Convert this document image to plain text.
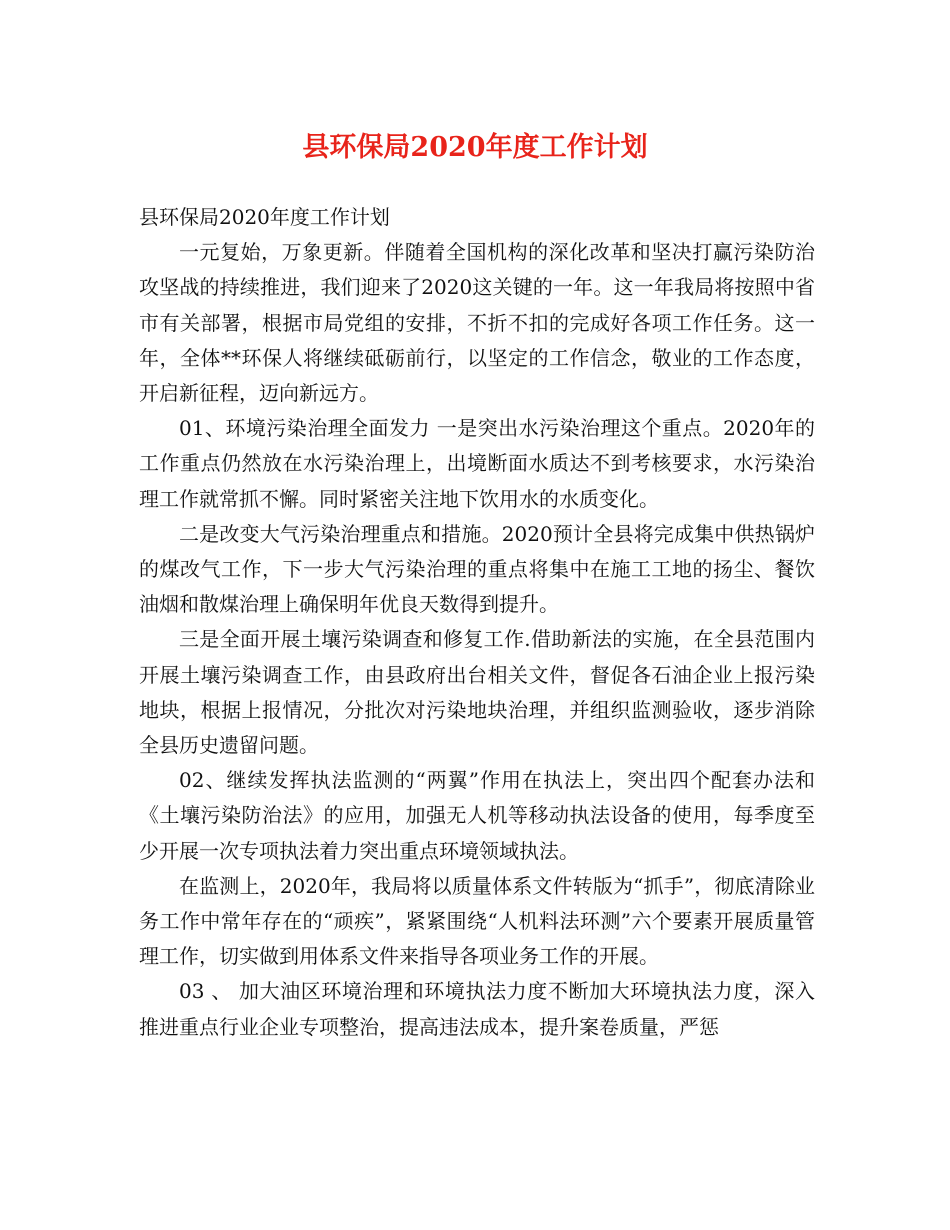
县环保局2020年度工作计划

县环保局2020年度工作计划

一元复始，万象更新。伴随着全国机构的深化改革和坚决打赢污染防治攻坚战的持续推进，我们迎来了2020这关键的一年。这一年我局将按照中省市有关部署，根据市局党组的安排，不折不扣的完成好各项工作任务。这一年，全体**环保人将继续砥砺前行，以坚定的工作信念，敬业的工作态度，开启新征程，迈向新远方。

01、环境污染治理全面发力 一是突出水污染治理这个重点。2020年的工作重点仍然放在水污染治理上，出境断面水质达不到考核要求，水污染治理工作就常抓不懈。同时紧密关注地下饮用水的水质变化。

二是改变大气污染治理重点和措施。2020预计全县将完成集中供热锅炉的煤改气工作，下一步大气污染治理的重点将集中在施工工地的扬尘、餐饮油烟和散煤治理上确保明年优良天数得到提升。

三是全面开展土壤污染调查和修复工作.借助新法的实施，在全县范围内开展土壤污染调查工作，由县政府出台相关文件，督促各石油企业上报污染地块，根据上报情况，分批次对污染地块治理，并组织监测验收，逐步消除全县历史遗留问题。

02、继续发挥执法监测的“两翼”作用在执法上，突出四个配套办法和《土壤污染防治法》的应用，加强无人机等移动执法设备的使用，每季度至少开展一次专项执法着力突出重点环境领域执法。

在监测上，2020年，我局将以质量体系文件转版为“抓手”，彻底清除业务工作中常年存在的“顽疾”，紧紧围绕“人机料法环测”六个要素开展质量管理工作，切实做到用体系文件来指导各项业务工作的开展。

03 、 加大油区环境治理和环境执法力度不断加大环境执法力度，深入推进重点行业企业专项整治，提高违法成本，提升案卷质量，严惩
